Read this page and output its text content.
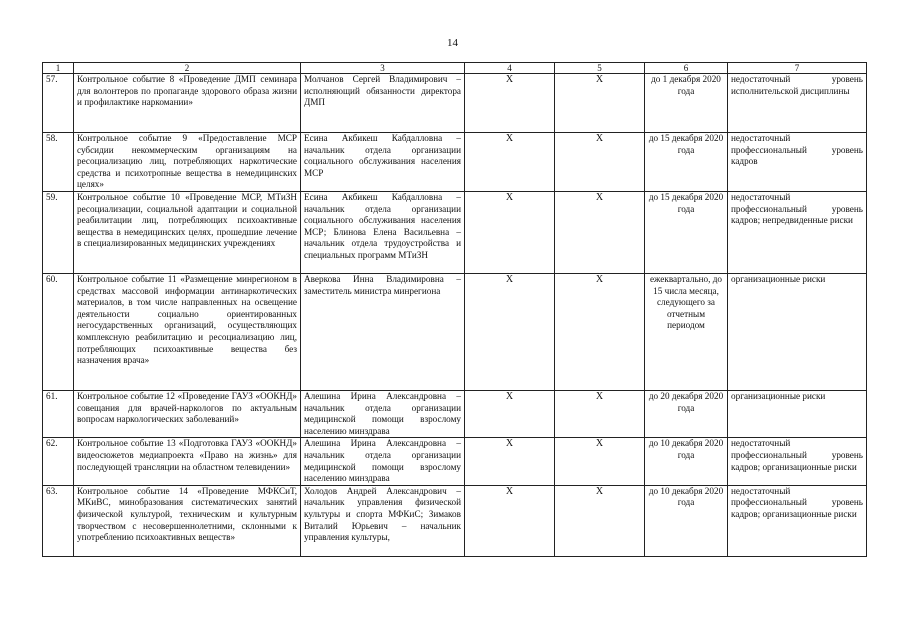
14
1	2	3	4	5	6	7
57.	Контрольное событие 8 «Проведение ДМП семинара для волонтеров по пропаганде здорового образа жизни и профилактике наркомании»	Молчанов Сергей Владимирович – исполняющий обязанности директора ДМП	Х	Х	до 1 декабря 2020 года	недостаточный уровень исполнительской дисциплины
58.	Контрольное событие 9 «Предоставление МСР субсидии некоммерческим организациям на ресоциализацию лиц, потребляющих наркотические средства и психотропные вещества в немедицинских целях»	Есина Акбикеш Кабдалловна – начальник отдела организации социального обслуживания населения МСР	Х	Х	до 15 декабря 2020 года	недостаточный профессиональный уровень кадров
59.	Контрольное событие 10 «Проведение МСР, МТиЗН ресоциализации, социальной адаптации и социальной реабилитации лиц, потребляющих психоактивные вещества в немедицинских целях, прошедшие лечение в специализированных медицинских учреждениях	Есина Акбикеш Кабдалловна – начальник отдела организации социального обслуживания населения МСР; Блинова Елена Васильевна – начальник отдела трудоустройства и специальных программ МТиЗН	Х	Х	до 15 декабря 2020 года	недостаточный профессиональный уровень кадров; непредвиденные риски
60.	Контрольное событие 11 «Размещение минрегионом в средствах массовой информации антинаркотических материалов, в том числе направленных на освещение деятельности социально ориентированных негосударственных организаций, осуществляющих комплексную реабилитацию и ресоциализацию лиц, потребляющих психоактивные вещества без назначения врача»	Аверкова Инна Владимировна – заместитель министра минрегиона	Х	Х	ежеквартально, до 15 числа месяца, следующего за отчетным периодом	организационные риски
61.	Контрольное событие 12 «Проведение ГАУЗ «ООКНД» совещания для врачей-наркологов по актуальным вопросам наркологических заболеваний»	Алешина Ирина Александровна – начальник отдела организации медицинской помощи взрослому населению минздрава	Х	Х	до 20 декабря 2020 года	организационные риски
62.	Контрольное событие 13 «Подготовка ГАУЗ «ООКНД» видеосюжетов медиапроекта «Право на жизнь» для последующей трансляции на областном телевидении»	Алешина Ирина Александровна – начальник отдела организации медицинской помощи взрослому населению минздрава	Х	Х	до 10 декабря 2020 года	недостаточный профессиональный уровень кадров; организационные риски
63.	Контрольное событие 14 «Проведение МФКСиТ, МКиВС, минобразования систематических занятий физической культурой, техническим и культурным творчеством с несовершеннолетними, склонными к употреблению психоактивных веществ»	Холодов Андрей Александрович – начальник управления физической культуры и спорта МФКиС; Зимаков Виталий Юрьевич – начальник управления культуры,	Х	Х	до 10 декабря 2020 года	недостаточный профессиональный уровень кадров; организационные риски
